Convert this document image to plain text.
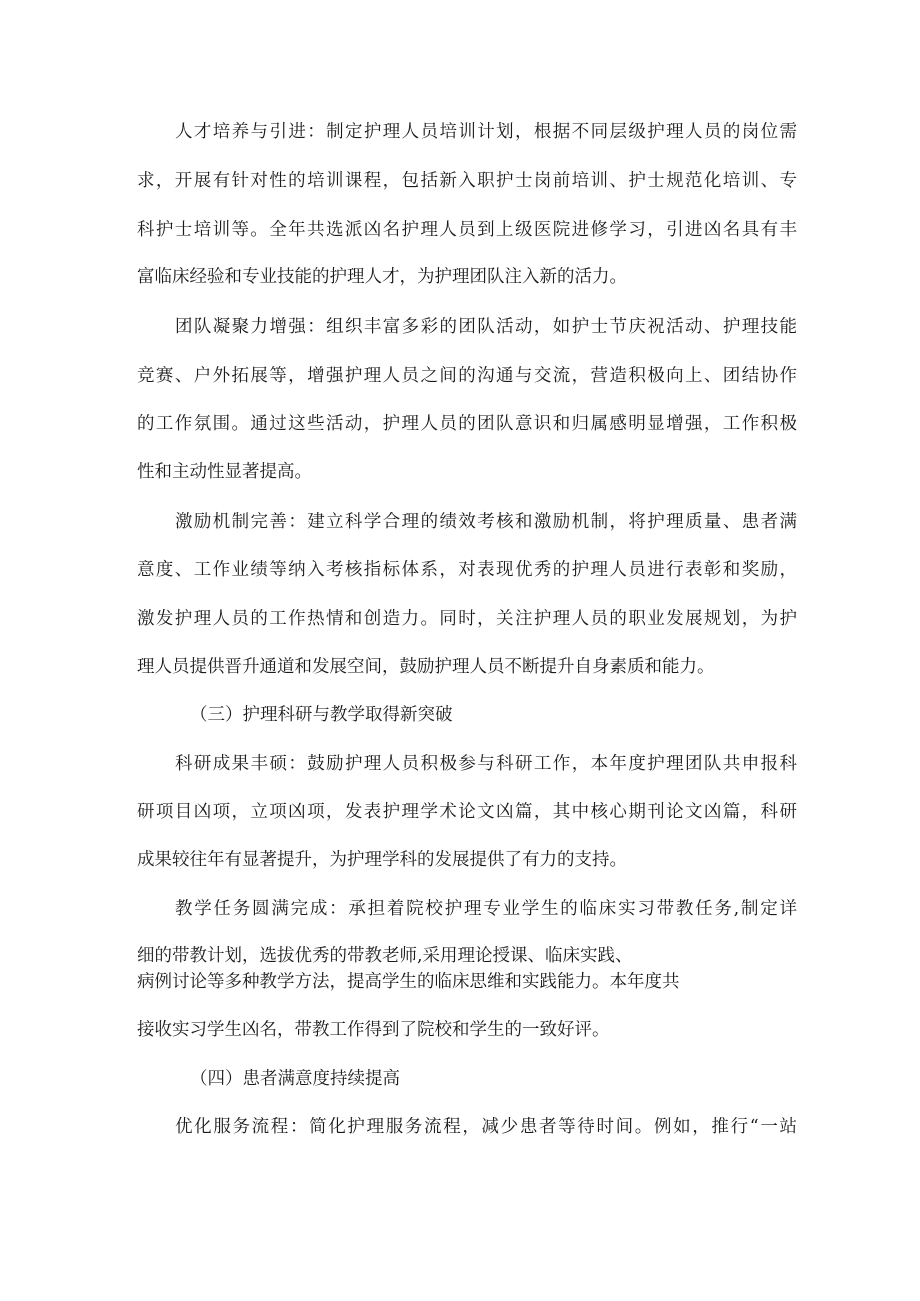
人才培养与引进：制定护理人员培训计划，根据不同层级护理人员的岗位需
求，开展有针对性的培训课程，包括新入职护士岗前培训、护士规范化培训、专
科护士培训等。全年共选派凶名护理人员到上级医院进修学习，引进凶名具有丰
富临床经验和专业技能的护理人才，为护理团队注入新的活力。
团队凝聚力增强：组织丰富多彩的团队活动，如护士节庆祝活动、护理技能
竞赛、户外拓展等，增强护理人员之间的沟通与交流，营造积极向上、团结协作
的工作氛围。通过这些活动，护理人员的团队意识和归属感明显增强，工作积极
性和主动性显著提高。
激励机制完善：建立科学合理的绩效考核和激励机制，将护理质量、患者满
意度、工作业绩等纳入考核指标体系，对表现优秀的护理人员进行表彰和奖励，
激发护理人员的工作热情和创造力。同时，关注护理人员的职业发展规划，为护
理人员提供晋升通道和发展空间，鼓励护理人员不断提升自身素质和能力。
（三）护理科研与教学取得新突破
科研成果丰硕：鼓励护理人员积极参与科研工作，本年度护理团队共申报科
研项目凶项，立项凶项，发表护理学术论文凶篇，其中核心期刊论文凶篇，科研
成果较往年有显著提升，为护理学科的发展提供了有力的支持。
教学任务圆满完成：承担着院校护理专业学生的临床实习带教任务,制定详
细的带教计划，选拔优秀的带教老师,采用理论授课、临床实践、
病例讨论等多种教学方法，提高学生的临床思维和实践能力。本年度共
接收实习学生凶名，带教工作得到了院校和学生的一致好评。
（四）患者满意度持续提高
优化服务流程：简化护理服务流程，减少患者等待时间。例如，推行“一站
